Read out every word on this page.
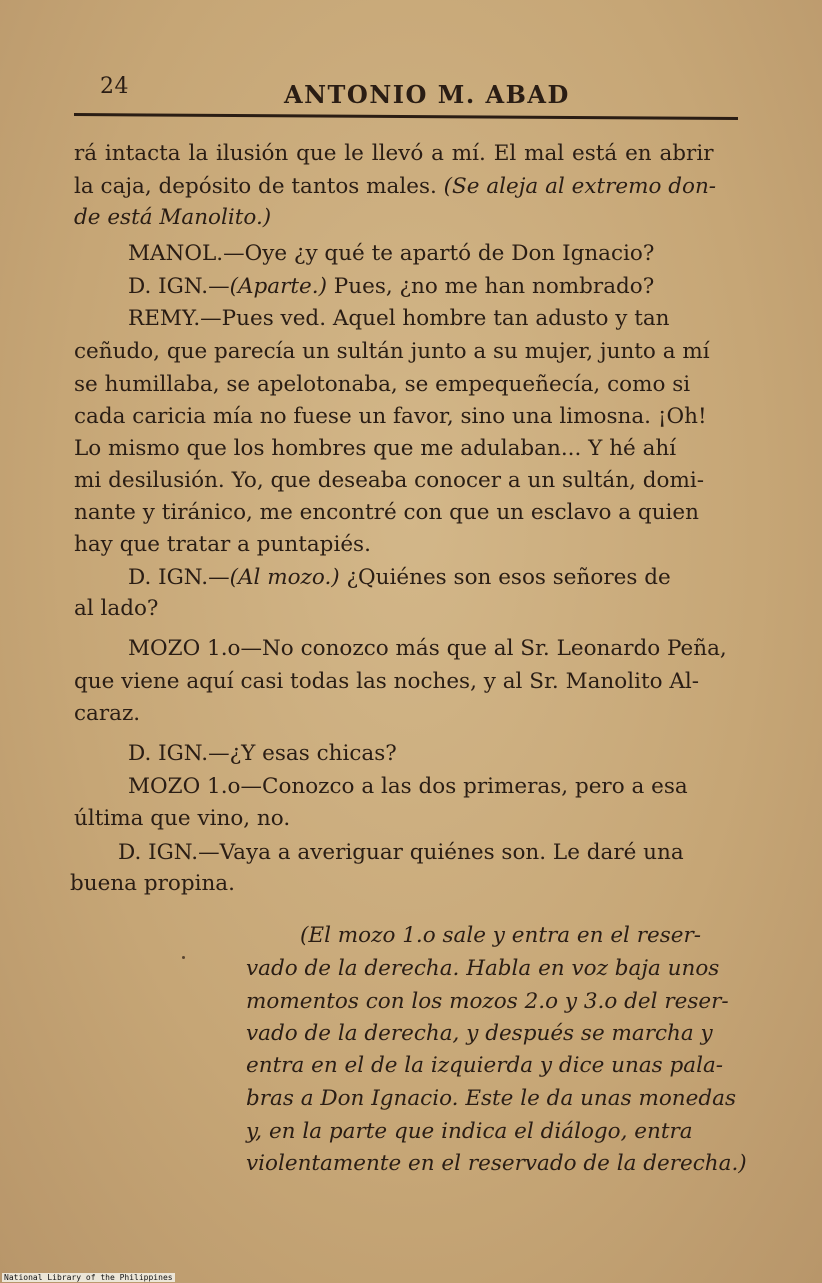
24	ANTONIO M. ABAD
rá intacta la ilusión que le llevó a mí. El mal está en abrir
la caja, depósito de tantos males. (Se aleja al extremo don-
de está Manolito.)
MANOL.—Oye ¿y qué te apartó de Don Ignacio?
D. IGN.—(Aparte.) Pues, ¿no me han nombrado?
REMY.—Pues ved. Aquel hombre tan adusto y tan
ceñudo, que parecía un sultán junto a su mujer, junto a mí
se humillaba, se apelotonaba, se empequeñecía, como si
cada caricia mía no fuese un favor, sino una limosna. ¡Oh!
Lo mismo que los hombres que me adulaban... Y hé ahí
mi desilusión. Yo, que deseaba conocer a un sultán, domi-
nante y tiránico, me encontré con que un esclavo a quien
hay que tratar a puntapiés.
D. IGN.—(Al mozo.) ¿Quiénes son esos señores de
al lado?
MOZO 1.o—No conozco más que al Sr. Leonardo Peña,
que viene aquí casi todas las noches, y al Sr. Manolito Al-
caraz.
D. IGN.—¿Y esas chicas?
MOZO 1.o—Conozco a las dos primeras, pero a esa
última que vino, no.
D. IGN.—Vaya a averiguar quiénes son. Le daré una
buena propina.
(El mozo 1.o sale y entra en el reser-
vado de la derecha. Habla en voz baja unos
momentos con los mozos 2.o y 3.o del reser-
vado de la derecha, y después se marcha y
entra en el de la izquierda y dice unas pala-
bras a Don Ignacio. Este le da unas monedas
y, en la parte que indica el diálogo, entra
violentamente en el reservado de la derecha.)
National Library of the Philippines
